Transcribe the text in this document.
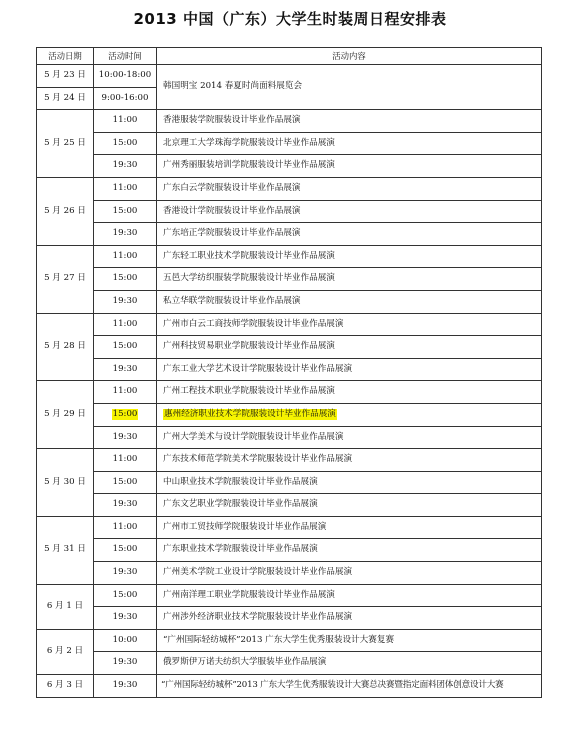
2013 中国（广东）大学生时装周日程安排表
活动日期	活动时间	活动内容
5 月 23 日	10:00-18:00	韩国明宝 2014 春夏时尚面料展览会
5 月 24 日	9:00-16:00	
5 月 25 日	11:00	香港服装学院服装设计毕业作品展演
	15:00	北京理工大学珠海学院服装设计毕业作品展演
	19:30	广州秀丽服装培训学院服装设计毕业作品展演
5 月 26 日	11:00	广东白云学院服装设计毕业作品展演
	15:00	香港设计学院服装设计毕业作品展演
	19:30	广东培正学院服装设计毕业作品展演
5 月 27 日	11:00	广东轻工职业技术学院服装设计毕业作品展演
	15:00	五邑大学纺织服装学院服装设计毕业作品展演
	19:30	私立华联学院服装设计毕业作品展演
5 月 28 日	11:00	广州市白云工商技师学院服装设计毕业作品展演
	15:00	广州科技贸易职业学院服装设计毕业作品展演
	19:30	广东工业大学艺术设计学院服装设计毕业作品展演
5 月 29 日	11:00	广州工程技术职业学院服装设计毕业作品展演
	15:00	惠州经济职业技术学院服装设计毕业作品展演
	19:30	广州大学美术与设计学院服装设计毕业作品展演
5 月 30 日	11:00	广东技术师范学院美术学院服装设计毕业作品展演
	15:00	中山职业技术学院服装设计毕业作品展演
	19:30	广东文艺职业学院服装设计毕业作品展演
5 月 31 日	11:00	广州市工贸技师学院服装设计毕业作品展演
	15:00	广东职业技术学院服装设计毕业作品展演
	19:30	广州美术学院工业设计学院服装设计毕业作品展演
6 月 1 日	15:00	广州南洋理工职业学院服装设计毕业作品展演
	19:30	广州涉外经济职业技术学院服装设计毕业作品展演
6 月 2 日	10:00	“广州国际轻纺城杯”2013 广东大学生优秀服装设计大赛复赛
	19:30	俄罗斯伊万诺夫纺织大学服装毕业作品展演
6 月 3 日	19:30	“广州国际轻纺城杯”2013 广东大学生优秀服装设计大赛总决赛暨指定面料团体创意设计大赛
